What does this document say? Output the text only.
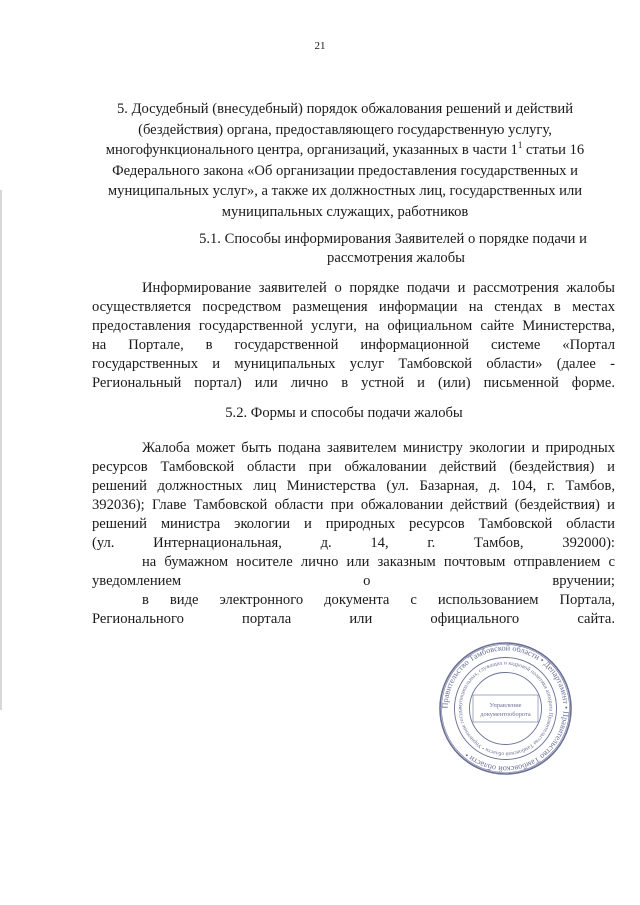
21
5. Досудебный (внесудебный) порядок обжалования решений и действий (бездействия) органа, предоставляющего государственную услугу, многофункционального центра, организаций, указанных в части $1^1$ статьи 16 Федерального закона «Об организации предоставления государственных и муниципальных услуг», а также их должностных лиц, государственных или муниципальных служащих, работников
5.1. Способы информирования Заявителей о порядке подачи и
рассмотрения жалобы
Информирование заявителей о порядке подачи и рассмотрения жалобы
осуществляется посредством размещения информации на стендах в местах
предоставления государственной услуги, на официальном сайте Министерства,
на Портале, в государственной информационной системе «Портал
государственных и муниципальных услуг Тамбовской области» (далее -
Региональный портал) или лично в устной и (или) письменной форме.
5.2. Формы и способы подачи жалобы
Жалоба может быть подана заявителем министру экологии и природных
ресурсов Тамбовской области при обжаловании действий (бездействия) и
решений должностных лиц Министерства (ул. Базарная, д. 104, г. Тамбов,
392036); Главе Тамбовской области при обжаловании действий (бездействия) и
решений министра экологии и природных ресурсов Тамбовской области
(ул. Интернациональная, д. 14, г. Тамбов, 392000):
на бумажном носителе лично или заказным почтовым отправлением с
уведомлением о вручении;
в виде электронного документа с использованием Портала,
Регионального портала или официального сайта.
Правительство Тамбовской области • Департамент • Правительство Тамбовской области •
муниципальных, служащих и кадровой политики аппарата Правительства Тамбовской области • Управление госуда
Управление
документооборота
